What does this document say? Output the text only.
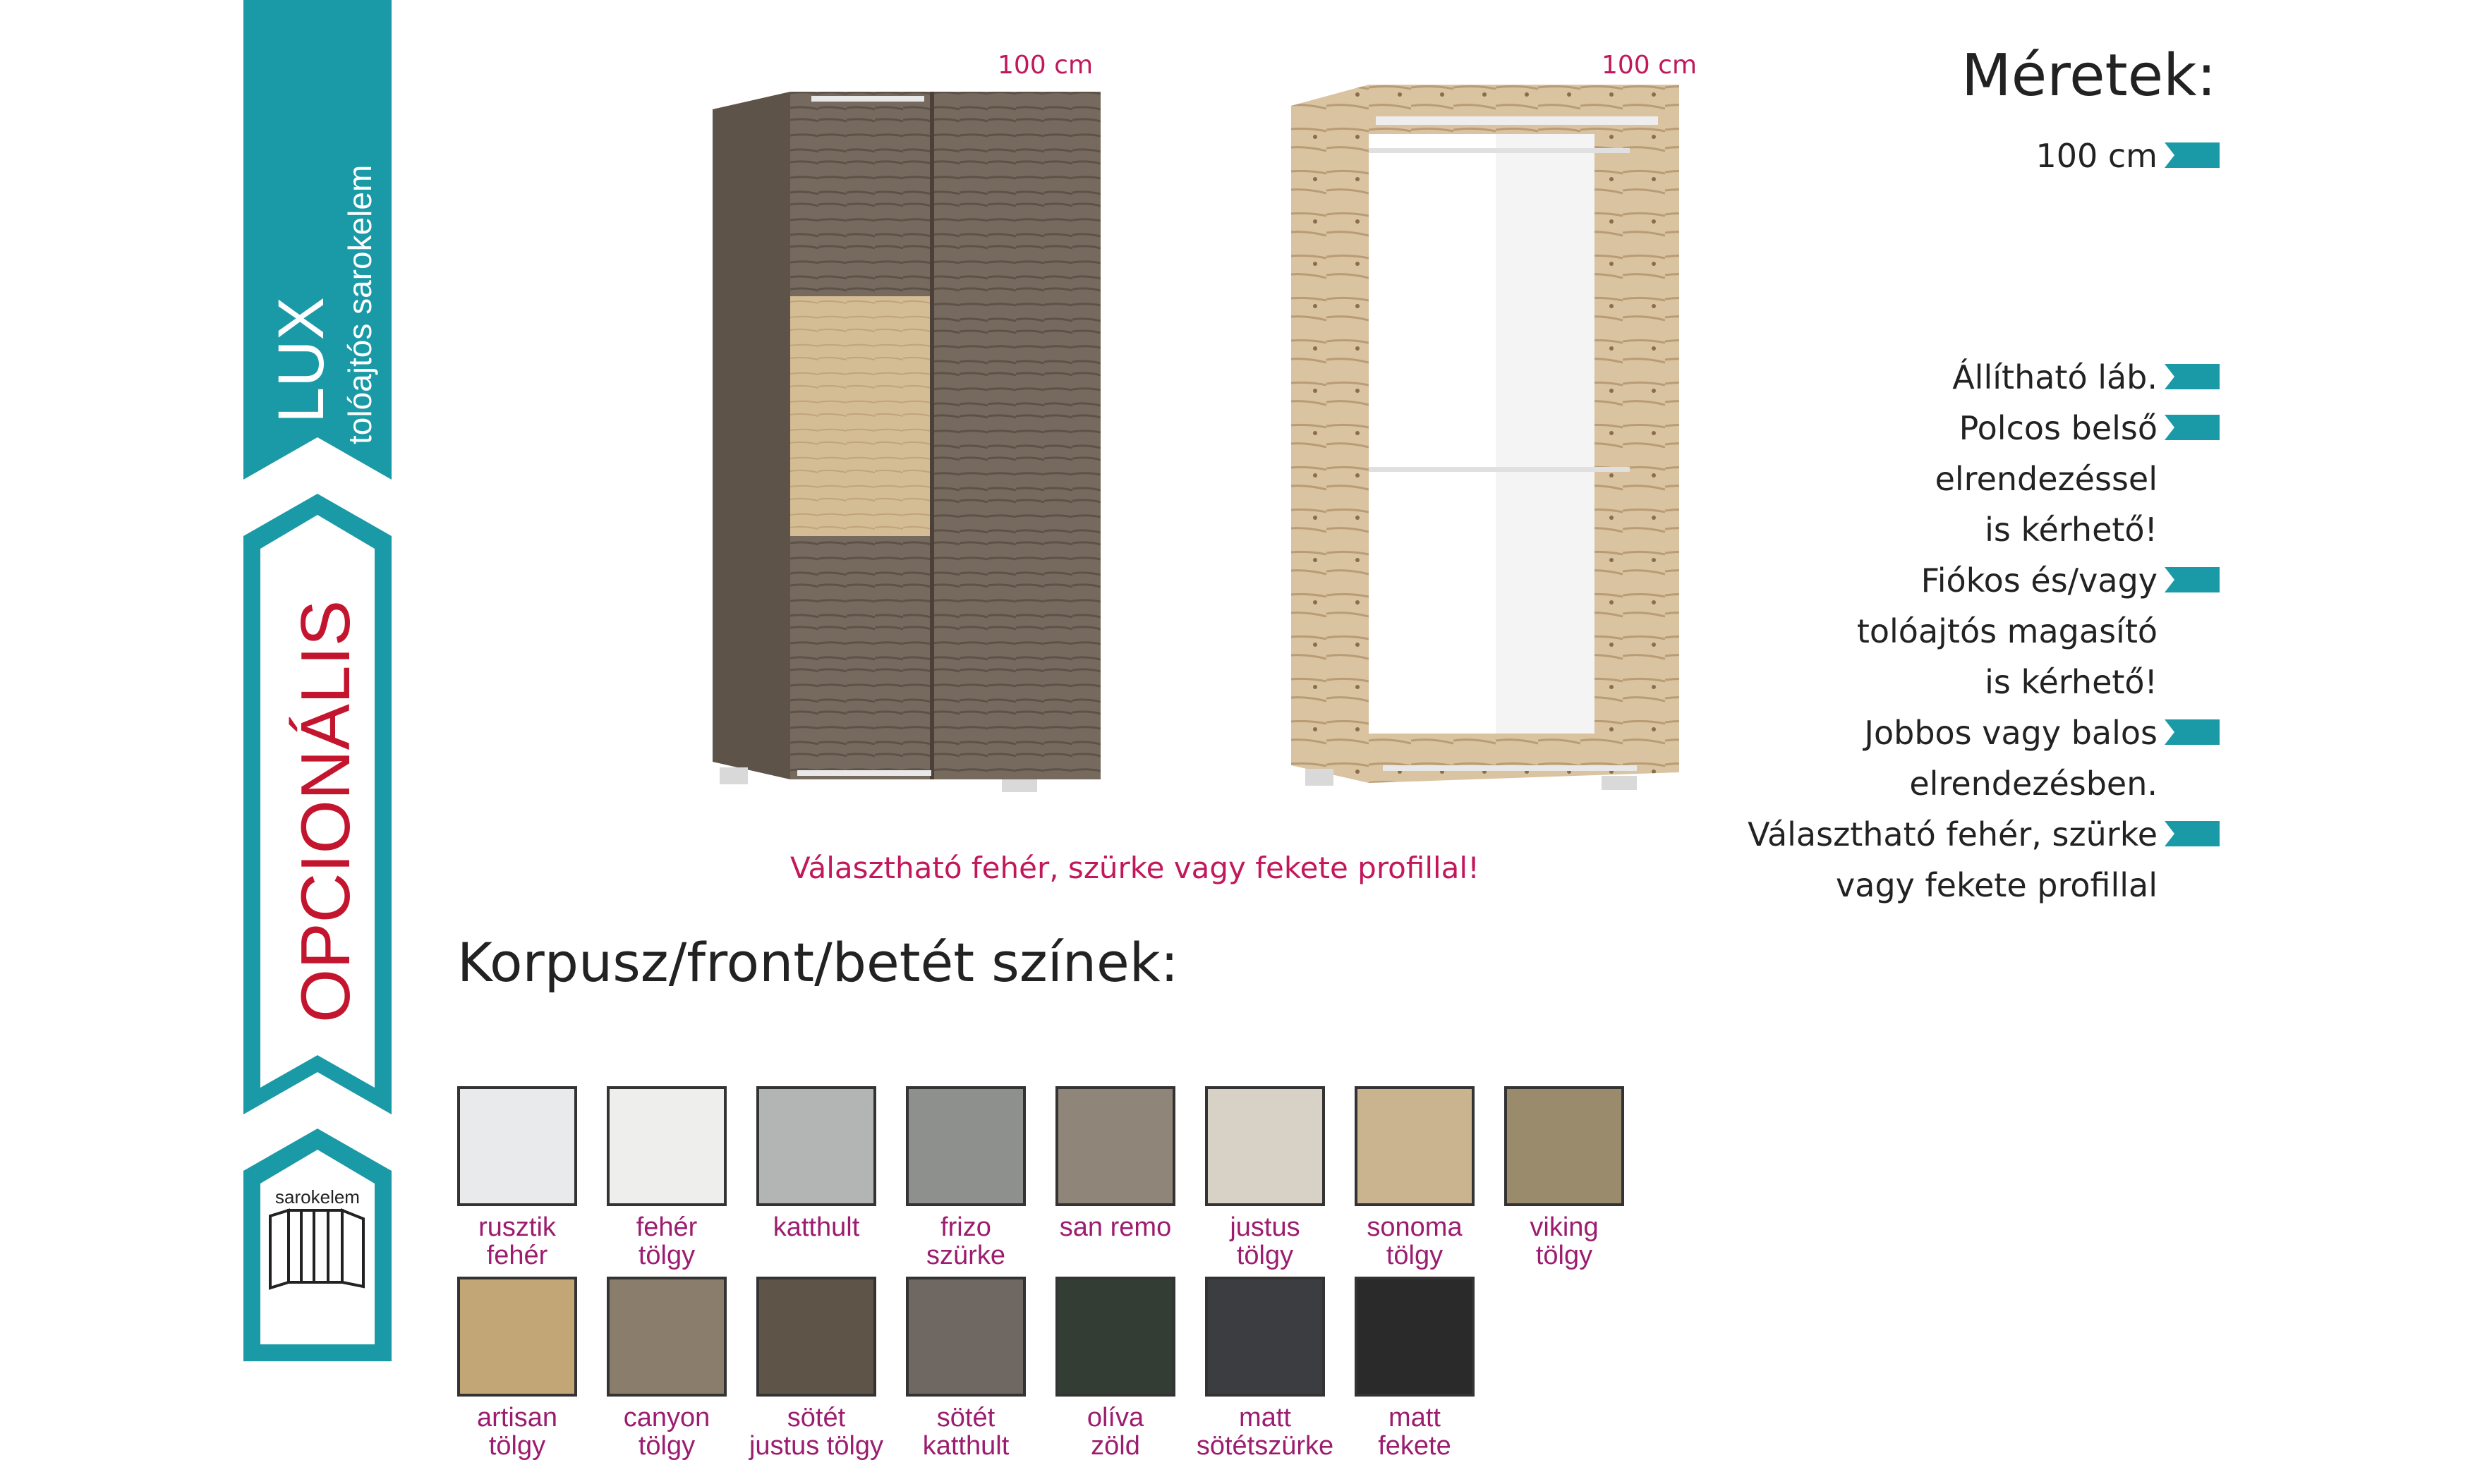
LUX tolóajtós sarokelem
OPCIONÁLIS
sarokelem
100 cm	100 cm	Méretek:
100 cm
Állítható láb.
Polcos belső
elrendezéssel
is kérhető!
Fiókos és/vagy
tolóajtós magasító
is kérhető!
Jobbos vagy balos
elrendezésben.
Választható fehér, szürke
vagy fekete profillal
Választható fehér, szürke vagy fekete profillal!
Korpusz/front/betét színek:
rusztik
fehér
fehér
tölgy
katthult	frizo
szürke
san remo	justus
tölgy
sonoma
tölgy
viking
tölgy
artisan
tölgy
canyon
tölgy
sötét
justus tölgy
sötét
katthult
olíva
zöld
matt
sötétszürke
matt
fekete
